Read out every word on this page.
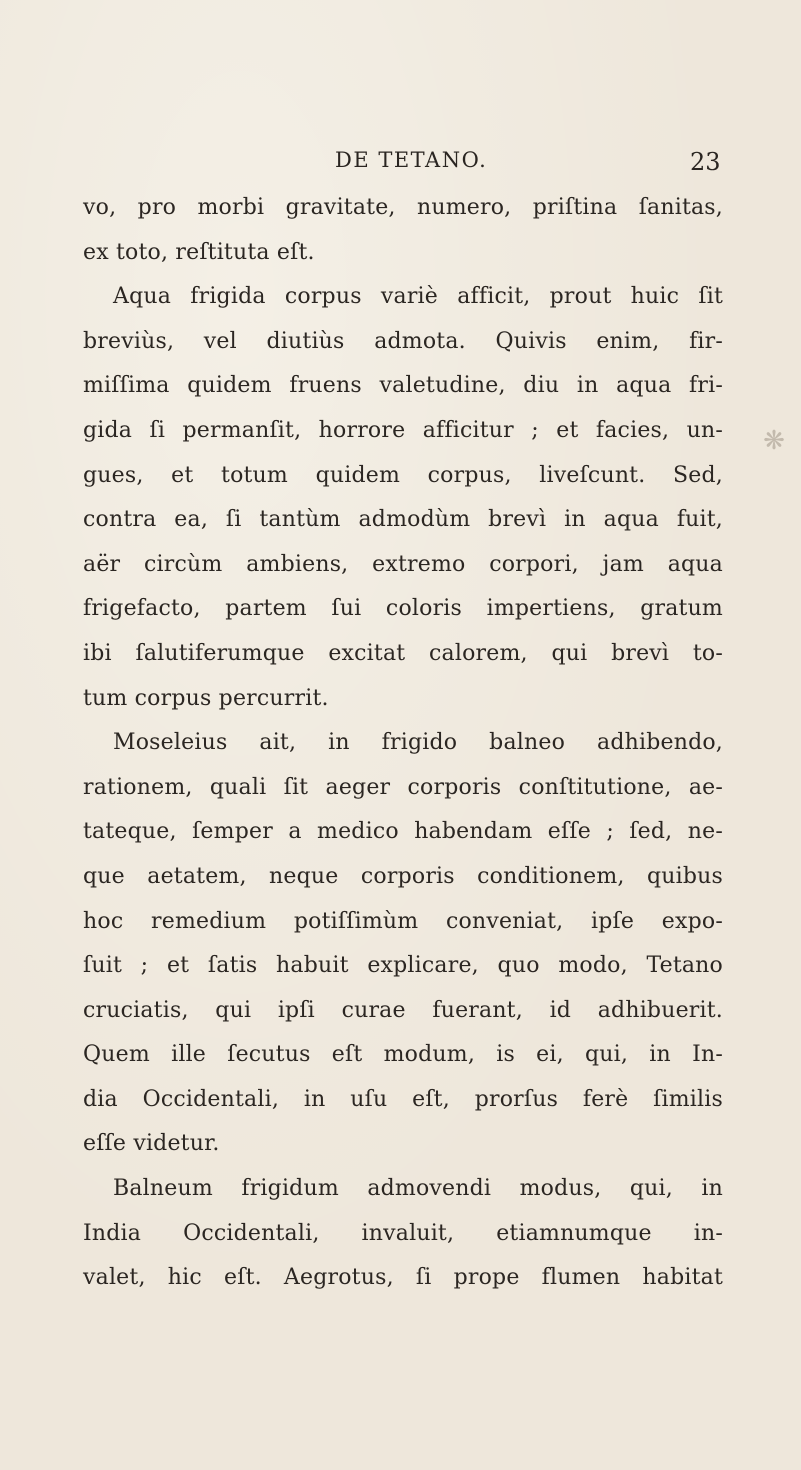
DE TETANO.	23
vo, pro morbi gravitate, numero, priſtina ſanitas,
ex toto, reſtituta eſt.
Aqua frigida corpus variè afficit, prout huic ſit
breviùs, vel diutiùs admota. Quivis enim, fir-
miſſima quidem fruens valetudine, diu in aqua fri-
gida ſi permanſit, horrore afficitur ; et facies, un-
gues, et totum quidem corpus, liveſcunt. Sed,
contra ea, ſi tantùm admodùm brevì in aqua fuit,
aër circùm ambiens, extremo corpori, jam aqua
frigefacto, partem ſui coloris impertiens, gratum
ibi ſalutiferumque excitat calorem, qui brevì to-
tum corpus percurrit.
Moseleius ait, in frigido balneo adhibendo,
rationem, quali ſit aeger corporis conſtitutione, ae-
tateque, ſemper a medico habendam eſſe ; ſed, ne-
que aetatem, neque corporis conditionem, quibus
hoc remedium potiſſimùm conveniat, ipſe expo-
ſuit ; et ſatis habuit explicare, quo modo, Tetano
cruciatis, qui ipſi curae fuerant, id adhibuerit.
Quem ille ſecutus eſt modum, is ei, qui, in In-
dia Occidentali, in uſu eſt, prorſus ferè ſimilis
eſſe videtur.
Balneum frigidum admovendi modus, qui, in
India Occidentali, invaluit, etiamnumque in-
valet, hic eſt. Aegrotus, ſi prope flumen habitat
❋
